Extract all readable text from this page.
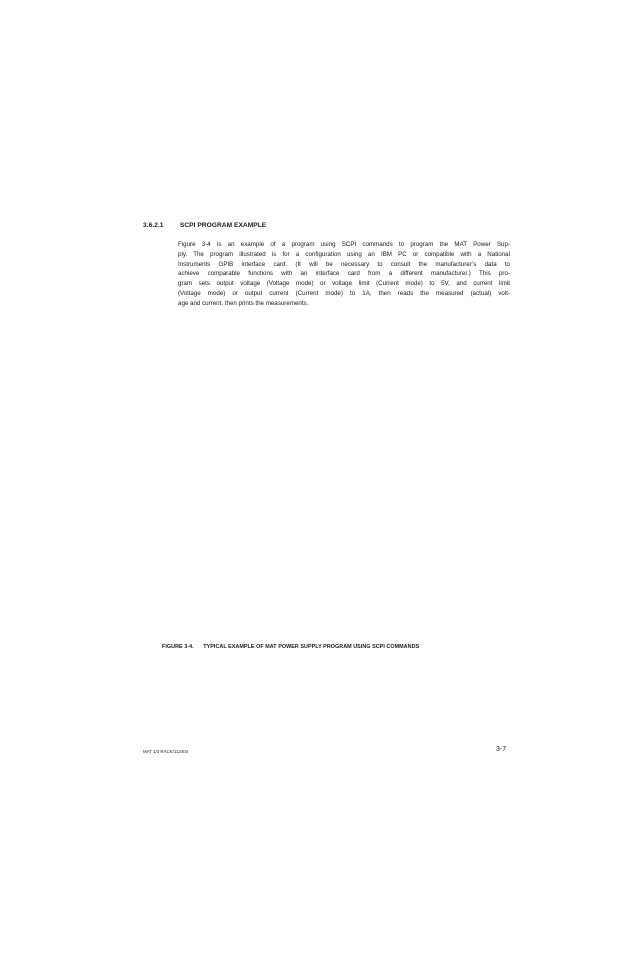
3.6.2.1 SCPI PROGRAM EXAMPLE

Figure 3-4 is an example of a program using SCPI commands to program the MAT Power Sup-
ply. The program illustrated is for a configuration using an IBM PC or compatible with a National
Instruments GPIB interface card. (It will be necessary to consult the manufacturer’s data to
achieve comparable functions with an interface card from a different manufacturer.) This pro-
gram sets output voltage (Voltage mode) or voltage limit (Current mode) to 5V, and current limit
(Voltage mode) or output current (Current mode) to 1A, then reads the measured (actual) volt-
age and current, then prints the measurements.

FIGURE 3-4. TYPICAL EXAMPLE OF MAT POWER SUPPLY PROGRAM USING SCPI COMMANDS
MAT 1/3 RACK/112404	3-7
